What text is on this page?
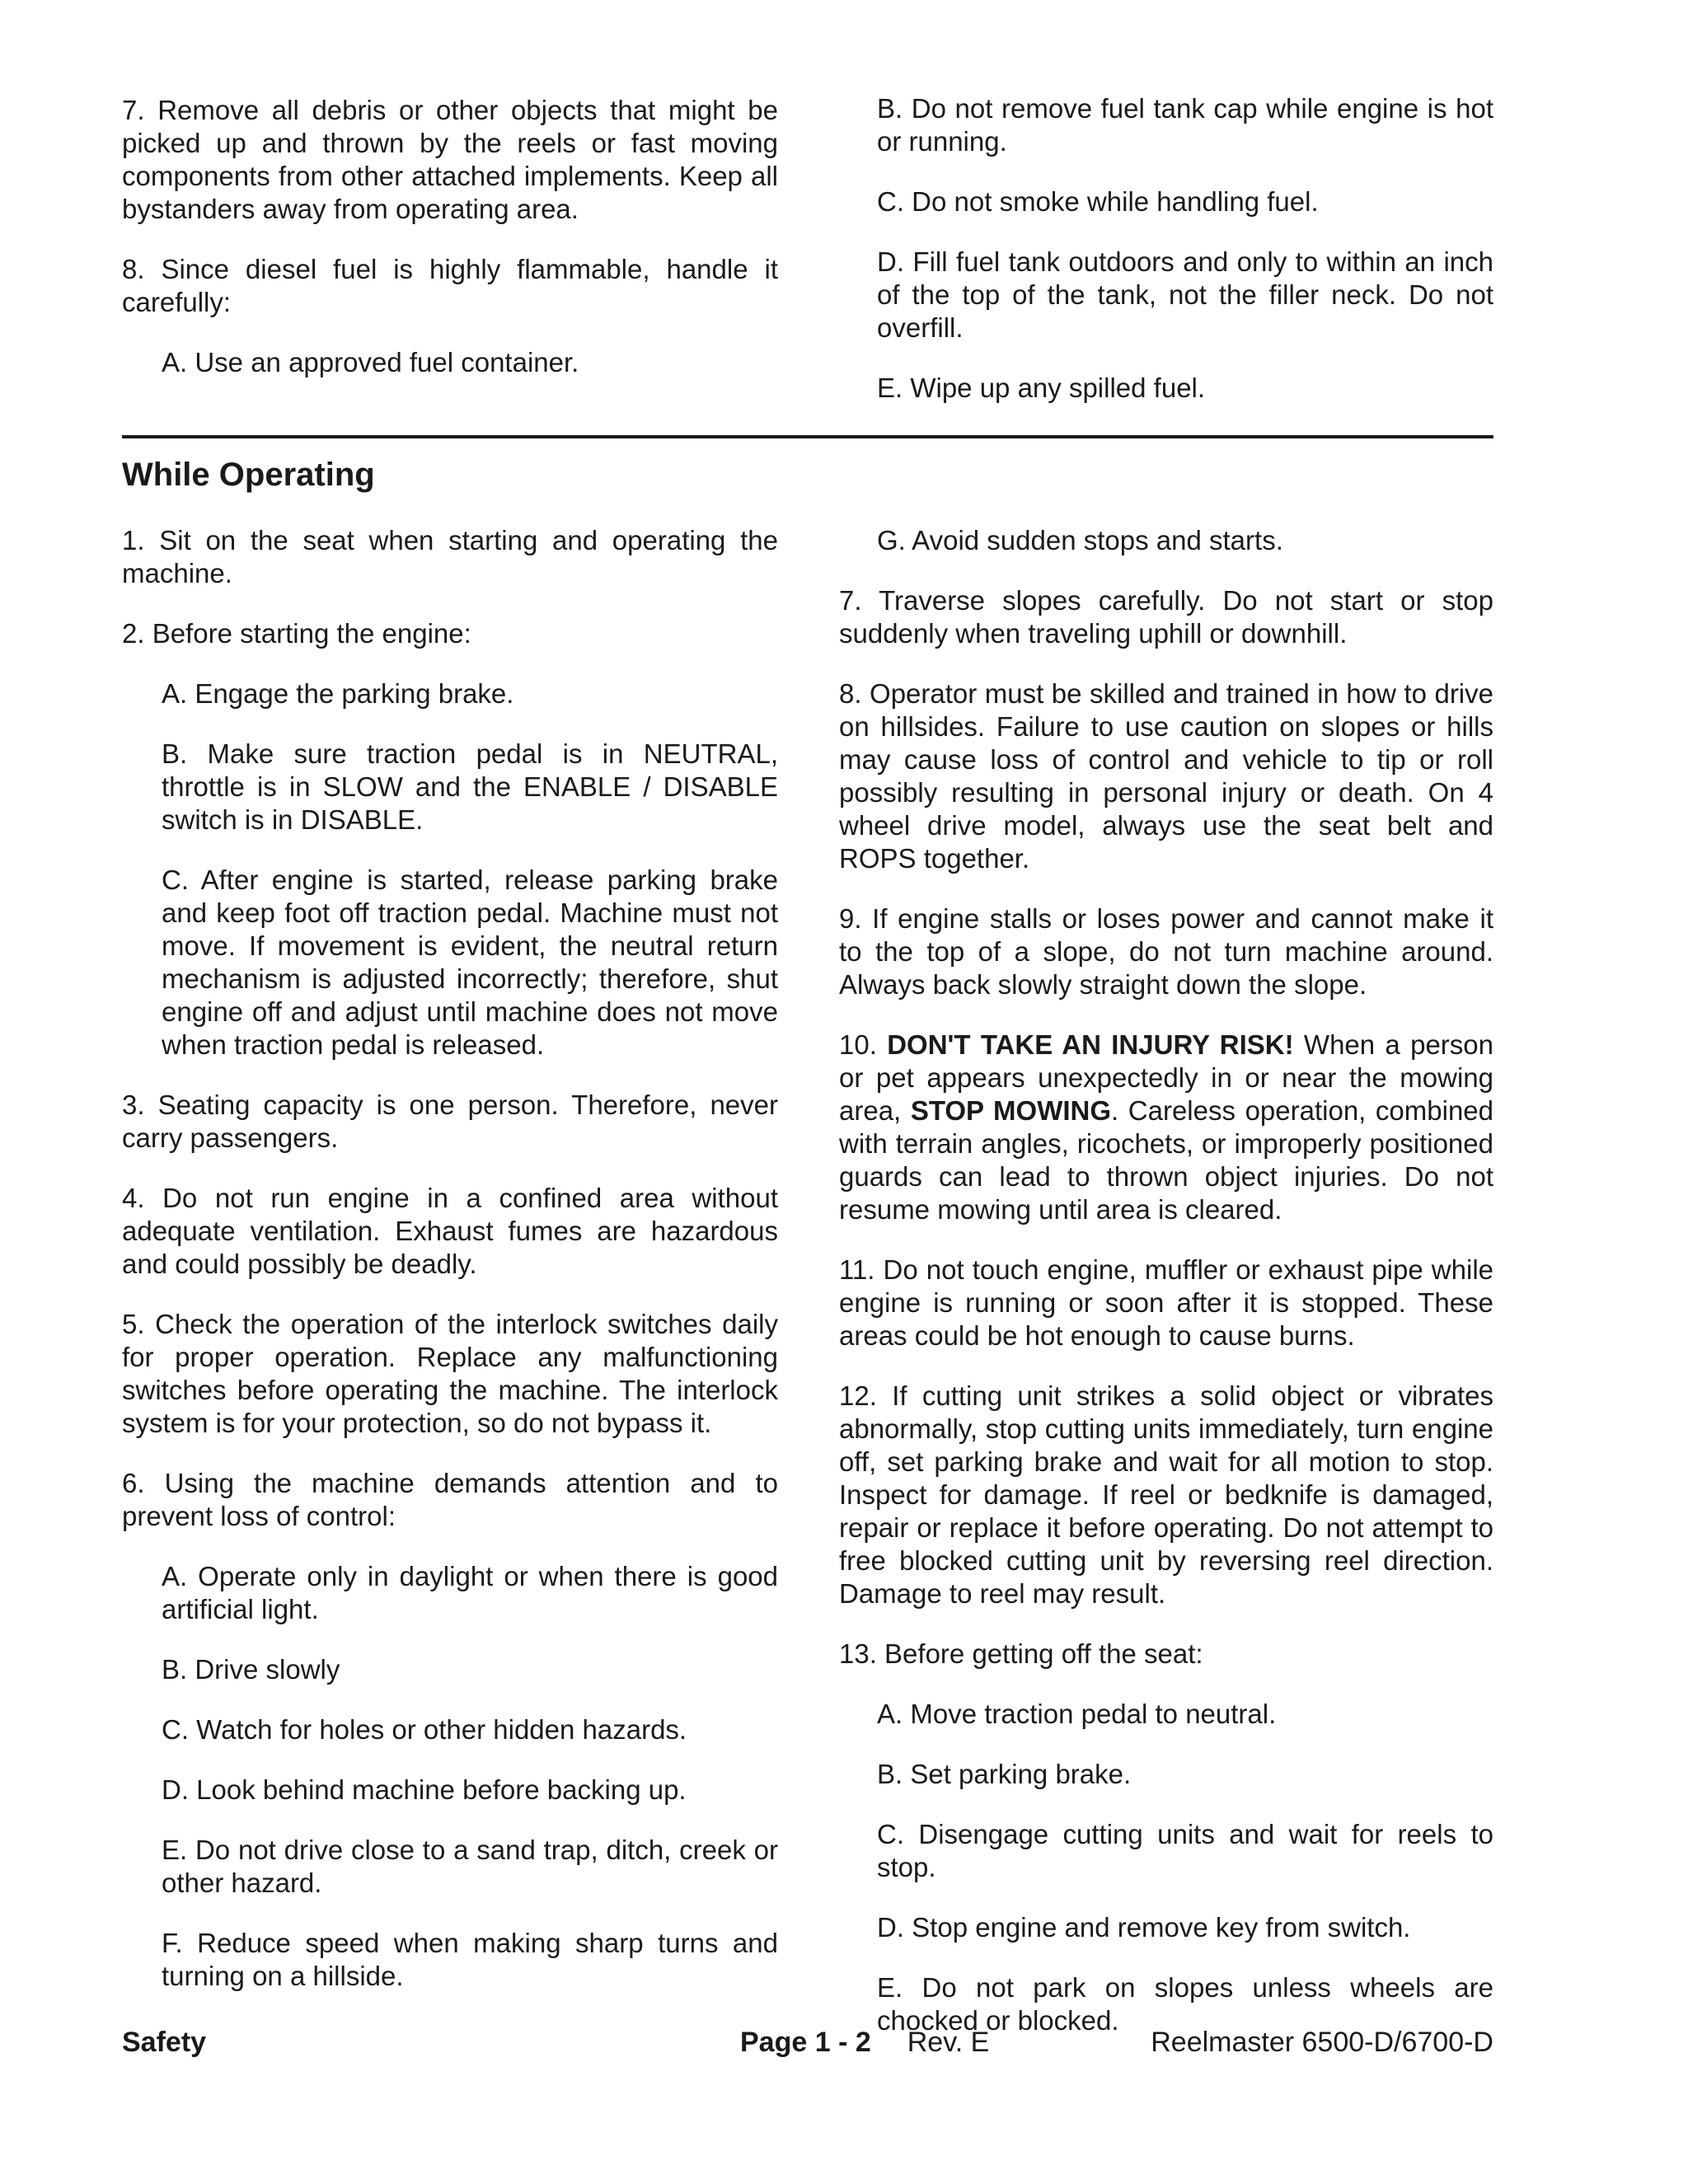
7. Remove all debris or other objects that might be picked up and thrown by the reels or fast moving components from other attached implements. Keep all bystanders away from operating area.

8. Since diesel fuel is highly flammable, handle it carefully:

A. Use an approved fuel container.

B. Do not remove fuel tank cap while engine is hot or running.

C. Do not smoke while handling fuel.

D. Fill fuel tank outdoors and only to within an inch of the top of the tank, not the filler neck. Do not overfill.

E. Wipe up any spilled fuel.

While Operating

1. Sit on the seat when starting and operating the machine.

2. Before starting the engine:

A. Engage the parking brake.

B. Make sure traction pedal is in NEUTRAL, throttle is in SLOW and the ENABLE / DISABLE switch is in DISABLE.

C. After engine is started, release parking brake and keep foot off traction pedal. Machine must not move. If movement is evident, the neutral return mechanism is adjusted incorrectly; therefore, shut engine off and adjust until machine does not move when traction pedal is released.

3. Seating capacity is one person. Therefore, never carry passengers.

4. Do not run engine in a confined area without adequate ventilation. Exhaust fumes are hazardous and could possibly be deadly.

5. Check the operation of the interlock switches daily for proper operation. Replace any malfunctioning switches before operating the machine. The interlock system is for your protection, so do not bypass it.

6. Using the machine demands attention and to prevent loss of control:

A. Operate only in daylight or when there is good artificial light.

B. Drive slowly

C. Watch for holes or other hidden hazards.

D. Look behind machine before backing up.

E. Do not drive close to a sand trap, ditch, creek or other hazard.

F. Reduce speed when making sharp turns and turning on a hillside.

G. Avoid sudden stops and starts.

7. Traverse slopes carefully. Do not start or stop suddenly when traveling uphill or downhill.

8. Operator must be skilled and trained in how to drive on hillsides. Failure to use caution on slopes or hills may cause loss of control and vehicle to tip or roll possibly resulting in personal injury or death. On 4 wheel drive model, always use the seat belt and ROPS together.

9. If engine stalls or loses power and cannot make it to the top of a slope, do not turn machine around. Always back slowly straight down the slope.

10. DON'T TAKE AN INJURY RISK! When a person or pet appears unexpectedly in or near the mowing area, STOP MOWING. Careless operation, combined with terrain angles, ricochets, or improperly positioned guards can lead to thrown object injuries. Do not resume mowing until area is cleared.

11. Do not touch engine, muffler or exhaust pipe while engine is running or soon after it is stopped. These areas could be hot enough to cause burns.

12. If cutting unit strikes a solid object or vibrates abnormally, stop cutting units immediately, turn engine off, set parking brake and wait for all motion to stop. Inspect for damage. If reel or bedknife is damaged, repair or replace it before operating. Do not attempt to free blocked cutting unit by reversing reel direction. Damage to reel may result.

13. Before getting off the seat:

A. Move traction pedal to neutral.

B. Set parking brake.

C. Disengage cutting units and wait for reels to stop.

D. Stop engine and remove key from switch.

E. Do not park on slopes unless wheels are chocked or blocked.

Safety	Page 1 - 2 Rev. E	Reelmaster 6500-D/6700-D
